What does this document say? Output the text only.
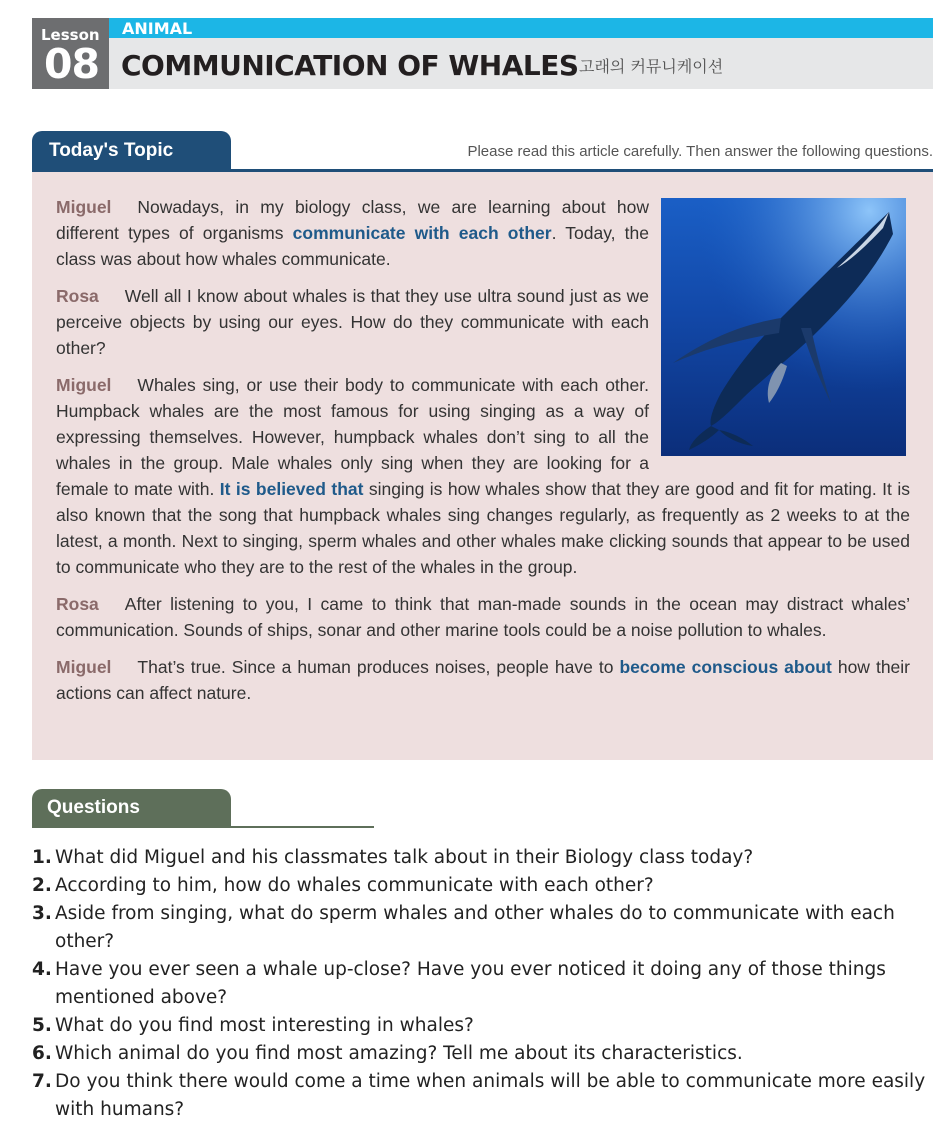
Lesson
08
ANIMAL
COMMUNICATION OF WHALES 고래의 커뮤니케이션
Today's Topic	Please read this article carefully. Then answer the following questions.

Miguel Nowadays, in my biology class, we are learning about how different types of organisms communicate with each other. Today, the class was about how whales communicate.

Rosa Well all I know about whales is that they use ultra sound just as we perceive objects by using our eyes. How do they communicate with each other?

Miguel Whales sing, or use their body to communicate with each other. Humpback whales are the most famous for using singing as a way of expressing themselves. However, humpback whales don’t sing to all the whales in the group. Male whales only sing when they are looking for a female to mate with. It is believed that singing is how whales show that they are good and fit for mating. It is also known that the song that humpback whales sing changes regularly, as frequently as 2 weeks to at the latest, a month. Next to singing, sperm whales and other whales make clicking sounds that appear to be used to communicate who they are to the rest of the whales in the group.

Rosa After listening to you, I came to think that man-made sounds in the ocean may distract whales’ communication. Sounds of ships, sonar and other marine tools could be a noise pollution to whales.

Miguel That’s true. Since a human produces noises, people have to become conscious about how their actions can affect nature.

Questions
1. What did Miguel and his classmates talk about in their Biology class today?
2. According to him, how do whales communicate with each other?
3. Aside from singing, what do sperm whales and other whales do to communicate with each other?
4. Have you ever seen a whale up-close? Have you ever noticed it doing any of those things mentioned above?
5. What do you find most interesting in whales?
6. Which animal do you find most amazing? Tell me about its characteristics.
7. Do you think there would come a time when animals will be able to communicate more easily with humans?
